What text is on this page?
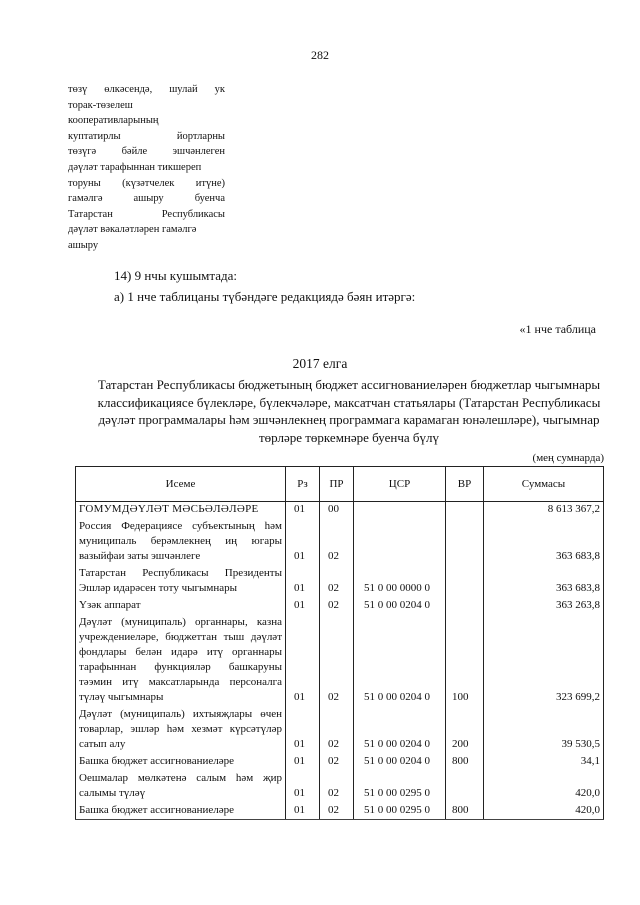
282
төзү өлкәсендә, шулай ук
торак-төзелеш
кооперативларының
куптатирлы	йортларны
төзүгә бәйле эшчәнлеген
дәүләт тарафыннан тикшереп
торуны (күзәтчелек итүне)
гамәлгә	ашыру	буенча
Татарстан	Республикасы
дәүләт вәкаләтләрен гамәлгә
ашыру
14) 9 нчы кушымтада:
а) 1 нче таблицаны түбәндәге редакциядә бәян итәргә:
«1 нче таблица
2017 елга
Татарстан Республикасы бюджетының бюджет ассигнованиеләрен бюджетлар чыгымнары классификациясе бүлекләре, бүлекчәләре, максатчан статьялары (Татарстан Республикасы дәүләт программалары һәм эшчәнлекнең программага карамаган юнәлешләре), чыгымнар төрләре төркемнәре буенча бүлү
(мең сумнарда)
Исеме	Рз	ПР	ЦСР	ВР	Суммасы
ГОМУМДӘҮЛӘТ МӘСЬӘЛӘЛӘРЕ	01	00			8 613 367,2
Россия Федерациясе субъектының һәм муниципаль берәмлекнең иң югары вазыйфаи заты эшчәнлеге	01	02			363 683,8
Татарстан Республикасы Президенты Эшләр идарәсен тоту чыгымнары	01	02	51 0 00 0000 0		363 683,8
Үзәк аппарат	01	02	51 0 00 0204 0		363 263,8
Дәүләт (муниципаль) органнары, казна учреждениеләре, бюджеттан тыш дәүләт фондлары белән идарә итү органнары тарафыннан функцияләр башкаруны тәэмин итү максатларында персоналга түләү чыгымнары	01	02	51 0 00 0204 0	100	323 699,2
Дәүләт (муниципаль) ихтыяҗлары өчен товарлар, эшләр һәм хезмәт күрсәтүләр сатып алу	01	02	51 0 00 0204 0	200	39 530,5
Башка бюджет ассигнованиеләре	01	02	51 0 00 0204 0	800	34,1
Оешмалар мөлкәтенә салым һәм җир салымы түләү	01	02	51 0 00 0295 0		420,0
Башка бюджет ассигнованиеләре	01	02	51 0 00 0295 0	800	420,0
